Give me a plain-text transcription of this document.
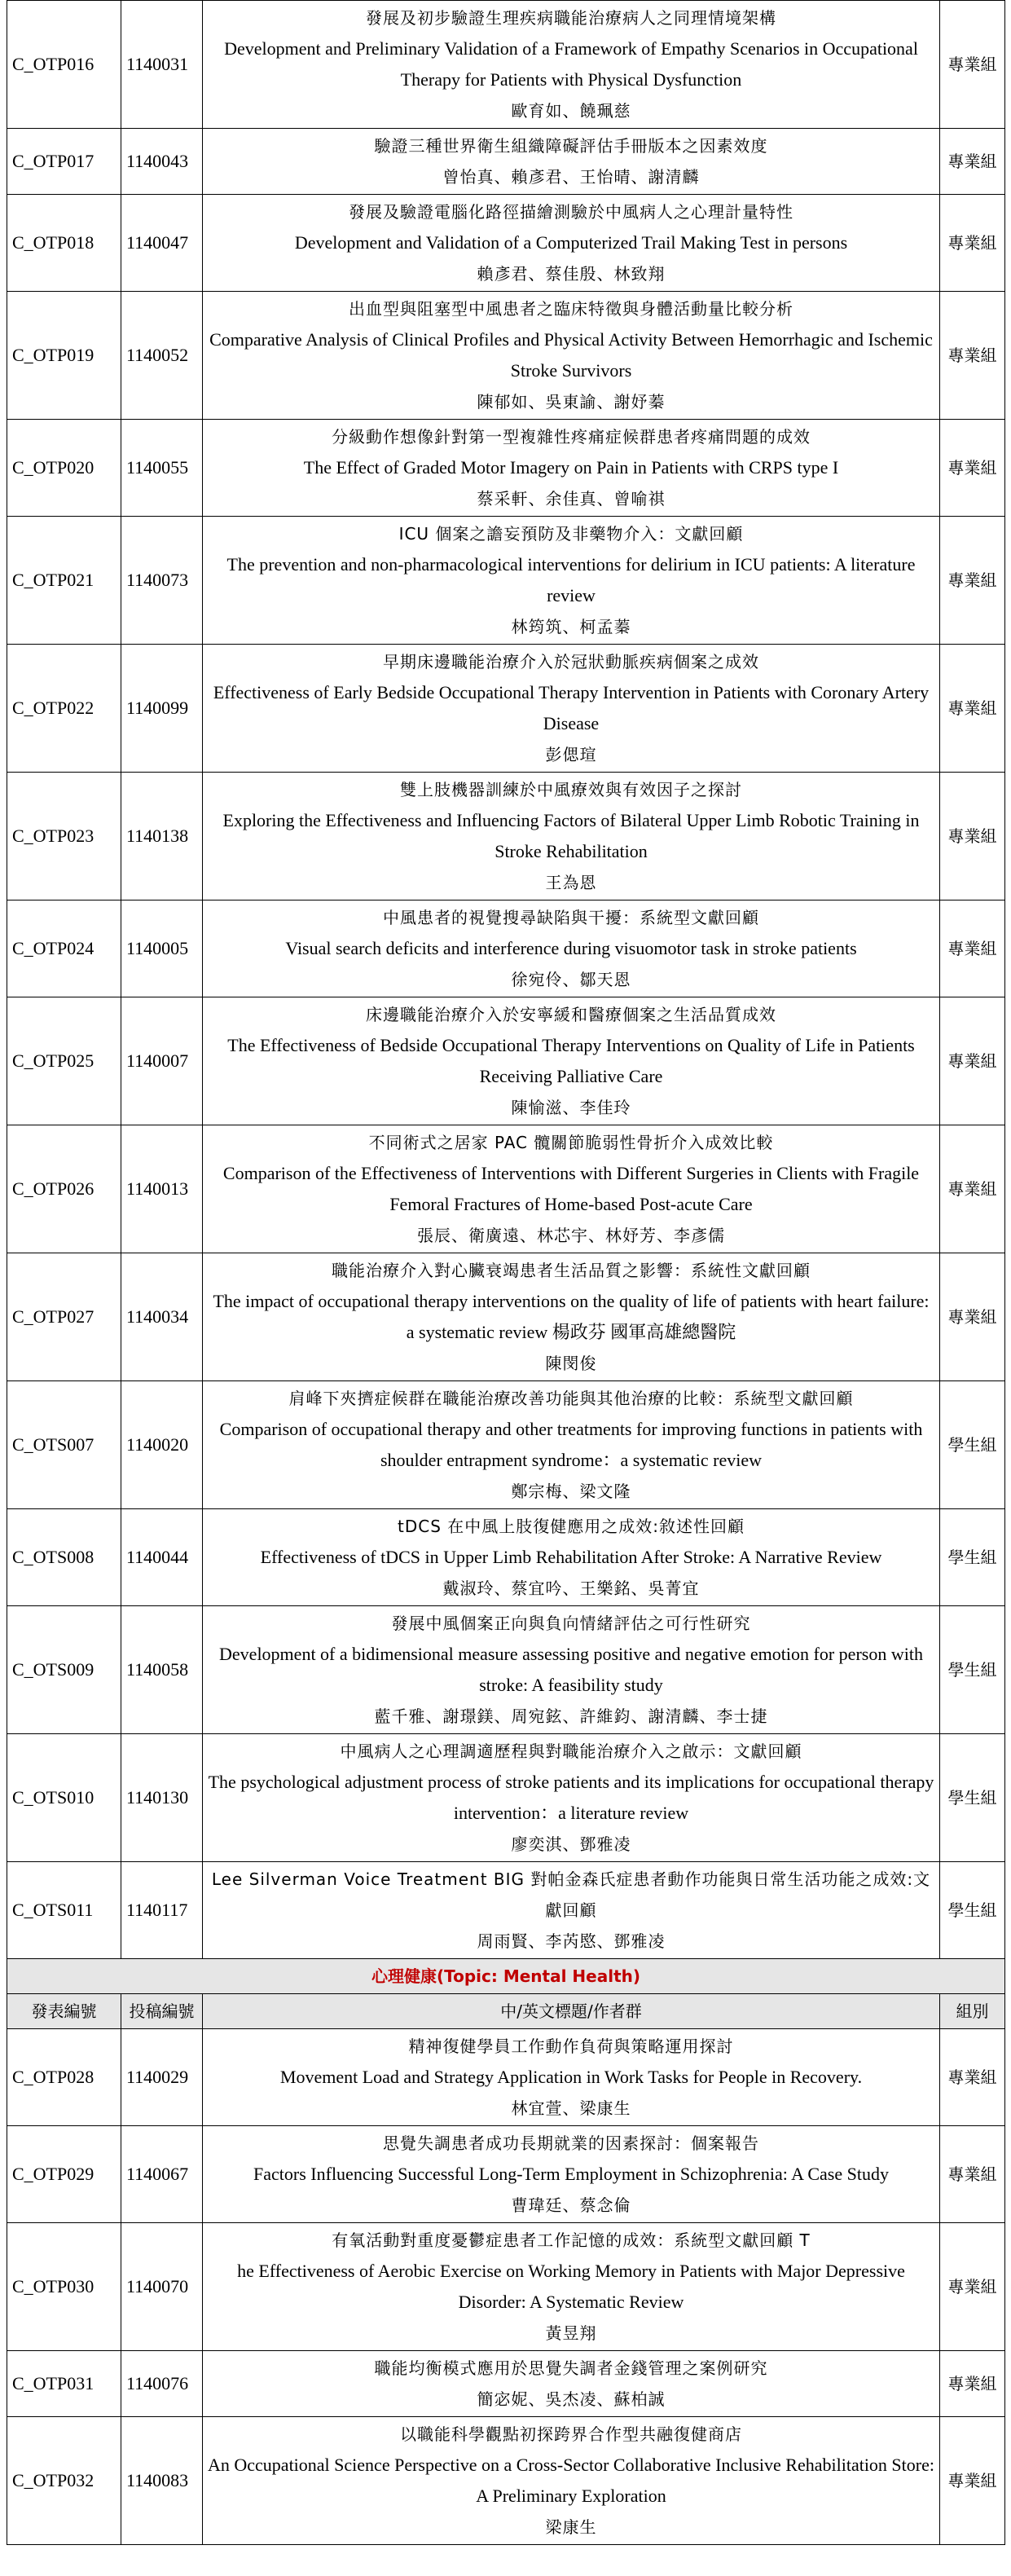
C_OTP016	1140031	發展及初步驗證生理疾病職能治療病人之同理情境架構
Development and Preliminary Validation of a Framework of Empathy Scenarios in Occupational Therapy for Patients with Physical Dysfunction
歐育如、饒珮慈	專業組
C_OTP017	1140043	驗證三種世界衛生組織障礙評估手冊版本之因素效度
曾怡真、賴彥君、王怡晴、謝清麟	專業組
C_OTP018	1140047	發展及驗證電腦化路徑描繪測驗於中風病人之心理計量特性
Development and Validation of a Computerized Trail Making Test in persons
賴彥君、蔡佳殷、林致翔	專業組
C_OTP019	1140052	出血型與阻塞型中風患者之臨床特徵與身體活動量比較分析
Comparative Analysis of Clinical Profiles and Physical Activity Between Hemorrhagic and Ischemic Stroke Survivors
陳郁如、吳東諭、謝妤蓁	專業組
C_OTP020	1140055	分級動作想像針對第一型複雜性疼痛症候群患者疼痛問題的成效
The Effect of Graded Motor Imagery on Pain in Patients with CRPS type I
蔡采軒、余佳真、曾喻祺	專業組
C_OTP021	1140073	ICU 個案之譫妄預防及非藥物介入：文獻回顧
The prevention and non-pharmacological interventions for delirium in ICU patients: A literature review
林筠筑、柯孟蓁	專業組
C_OTP022	1140099	早期床邊職能治療介入於冠狀動脈疾病個案之成效
Effectiveness of Early Bedside Occupational Therapy Intervention in Patients with Coronary Artery Disease
彭偲瑄	專業組
C_OTP023	1140138	雙上肢機器訓練於中風療效與有效因子之探討
Exploring the Effectiveness and Influencing Factors of Bilateral Upper Limb Robotic Training in Stroke Rehabilitation
王為恩	專業組
C_OTP024	1140005	中風患者的視覺搜尋缺陷與干擾：系統型文獻回顧
Visual search deficits and interference during visuomotor task in stroke patients
徐宛伶、鄒天恩	專業組
C_OTP025	1140007	床邊職能治療介入於安寧緩和醫療個案之生活品質成效
The Effectiveness of Bedside Occupational Therapy Interventions on Quality of Life in Patients Receiving Palliative Care
陳愉滋、李佳玲	專業組
C_OTP026	1140013	不同術式之居家 PAC 髖關節脆弱性骨折介入成效比較
Comparison of the Effectiveness of Interventions with Different Surgeries in Clients with Fragile Femoral Fractures of Home-based Post-acute Care
張辰、衛廣遠、林芯宇、林妤芳、李彥儒	專業組
C_OTP027	1140034	職能治療介入對心臟衰竭患者生活品質之影響：系統性文獻回顧
The impact of occupational therapy interventions on the quality of life of patients with heart failure: a systematic review 楊政芬 國軍高雄總醫院
陳閔俊	專業組
C_OTS007	1140020	肩峰下夾擠症候群在職能治療改善功能與其他治療的比較：系統型文獻回顧
Comparison of occupational therapy and other treatments for improving functions in patients with shoulder entrapment syndrome：a systematic review
鄭宗梅、梁文隆	學生組
C_OTS008	1140044	tDCS 在中風上肢復健應用之成效:敘述性回顧
Effectiveness of tDCS in Upper Limb Rehabilitation After Stroke: A Narrative Review
戴淑玲、蔡宜吟、王樂銘、吳菁宜	學生組
C_OTS009	1140058	發展中風個案正向與負向情緒評估之可行性研究
Development of a bidimensional measure assessing positive and negative emotion for person with stroke: A feasibility study
藍千雅、謝璟鎂、周宛鉉、許維鈞、謝清麟、李士捷	學生組
C_OTS010	1140130	中風病人之心理調適歷程與對職能治療介入之啟示：文獻回顧
The psychological adjustment process of stroke patients and its implications for occupational therapy intervention：a literature review
廖奕淇、鄧雅凌	學生組
C_OTS011	1140117	Lee Silverman Voice Treatment BIG 對帕金森氏症患者動作功能與日常生活功能之成效:文獻回顧
周雨賢、李芮愍、鄧雅凌	學生組
心理健康(Topic: Mental Health)			
發表編號	投稿編號	中/英文標題/作者群	組別
C_OTP028	1140029	精神復健學員工作動作負荷與策略運用探討
Movement Load and Strategy Application in Work Tasks for People in Recovery.
林宜萱、梁康生	專業組
C_OTP029	1140067	思覺失調患者成功長期就業的因素探討：個案報告
Factors Influencing Successful Long-Term Employment in Schizophrenia: A Case Study
曹瑋廷、蔡念倫	專業組
C_OTP030	1140070	有氧活動對重度憂鬱症患者工作記憶的成效：系統型文獻回顧 T
he Effectiveness of Aerobic Exercise on Working Memory in Patients with Major Depressive Disorder: A Systematic Review
黃昱翔	專業組
C_OTP031	1140076	職能均衡模式應用於思覺失調者金錢管理之案例研究
簡宓妮、吳杰凌、蘇柏誠	專業組
C_OTP032	1140083	以職能科學觀點初探跨界合作型共融復健商店
An Occupational Science Perspective on a Cross-Sector Collaborative Inclusive Rehabilitation Store: A Preliminary Exploration
梁康生	專業組
